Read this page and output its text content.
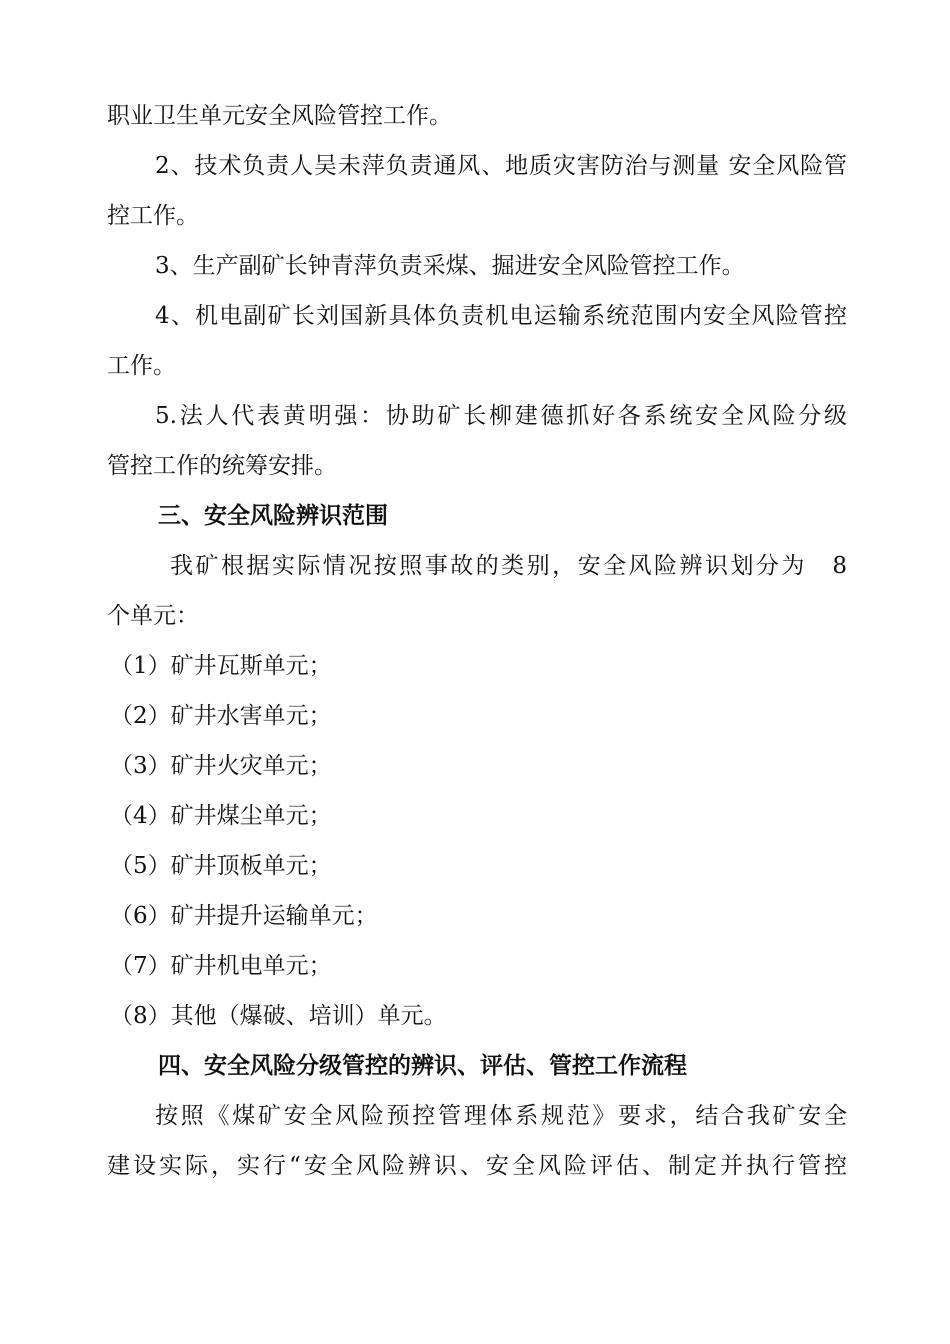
职业卫生单元安全风险管控工作。
2、技术负责人吴未萍负责通风、地质灾害防治与测量 安全风险管
控工作。
3、生产副矿长钟青萍负责采煤、掘进安全风险管控工作。
4、机电副矿长刘国新具体负责机电运输系统范围内安全风险管控
工作。
5.法人代表黄明强：协助矿长柳建德抓好各系统安全风险分级
管控工作的统筹安排。
三、安全风险辨识范围
我矿根据实际情况按照事故的类别，安全风险辨识划分为　8
个单元：
（1）矿井瓦斯单元；
（2）矿井水害单元；
（3）矿井火灾单元；
（4）矿井煤尘单元；
（5）矿井顶板单元；
（6）矿井提升运输单元；
（7）矿井机电单元；
（8）其他（爆破、培训）单元。
四、安全风险分级管控的辨识、评估、管控工作流程
按照《煤矿安全风险预控管理体系规范》要求，结合我矿安全
建设实际，实行“安全风险辨识、安全风险评估、制定并执行管控
